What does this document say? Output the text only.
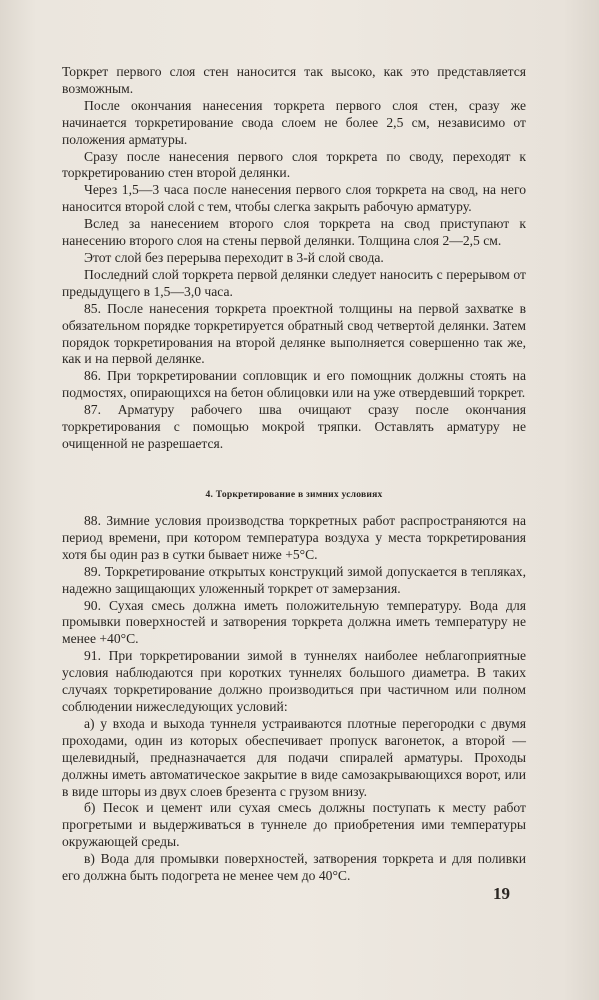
Торкрет первого слоя стен наносится так высоко, как это представляется возможным.

После окончания нанесения торкрета первого слоя стен, сразу же начинается торкретирование свода слоем не более 2,5 см, независимо от положения арматуры.

Сразу после нанесения первого слоя торкрета по своду, переходят к торкретированию стен второй делянки.

Через 1,5—3 часа после нанесения первого слоя торкрета на свод, на него наносится второй слой с тем, чтобы слегка закрыть рабочую арматуру.

Вслед за нанесением второго слоя торкрета на свод приступают к нанесению второго слоя на стены первой делянки. Толщина слоя 2—2,5 см.

Этот слой без перерыва переходит в 3-й слой свода.

Последний слой торкрета первой делянки следует наносить с перерывом от предыдущего в 1,5—3,0 часа.

85. После нанесения торкрета проектной толщины на первой захватке в обязательном порядке торкретируется обратный свод четвертой делянки. Затем порядок торкретирования на второй делянке выполняется совершенно так же, как и на первой делянке.

86. При торкретировании сопловщик и его помощник должны стоять на подмостях, опирающихся на бетон облицовки или на уже отвердевший торкрет.

87. Арматуру рабочего шва очищают сразу после окончания торкретирования с помощью мокрой тряпки. Оставлять арматуру не очищенной не разрешается.

4. Торкретирование в зимних условиях

88. Зимние условия производства торкретных работ распространяются на период времени, при котором температура воздуха у места торкретирования хотя бы один раз в сутки бывает ниже +5°С.

89. Торкретирование открытых конструкций зимой допускается в тепляках, надежно защищающих уложенный торкрет от замерзания.

90. Сухая смесь должна иметь положительную температуру. Вода для промывки поверхностей и затворения торкрета должна иметь температуру не менее +40°С.

91. При торкретировании зимой в туннелях наиболее неблагоприятные условия наблюдаются при коротких туннелях большого диаметра. В таких случаях торкретирование должно производиться при частичном или полном соблюдении нижеследующих условий:

а) у входа и выхода туннеля устраиваются плотные перегородки с двумя проходами, один из которых обеспечивает пропуск вагонеток, а второй — щелевидный, предназначается для подачи спиралей арматуры. Проходы должны иметь автоматическое закрытие в виде самозакрывающихся ворот, или в виде шторы из двух слоев брезента с грузом внизу.

б) Песок и цемент или сухая смесь должны поступать к месту работ прогретыми и выдерживаться в туннеле до приобретения ими температуры окружающей среды.

в) Вода для промывки поверхностей, затворения торкрета и для поливки его должна быть подогрета не менее чем до 40°С.

19
